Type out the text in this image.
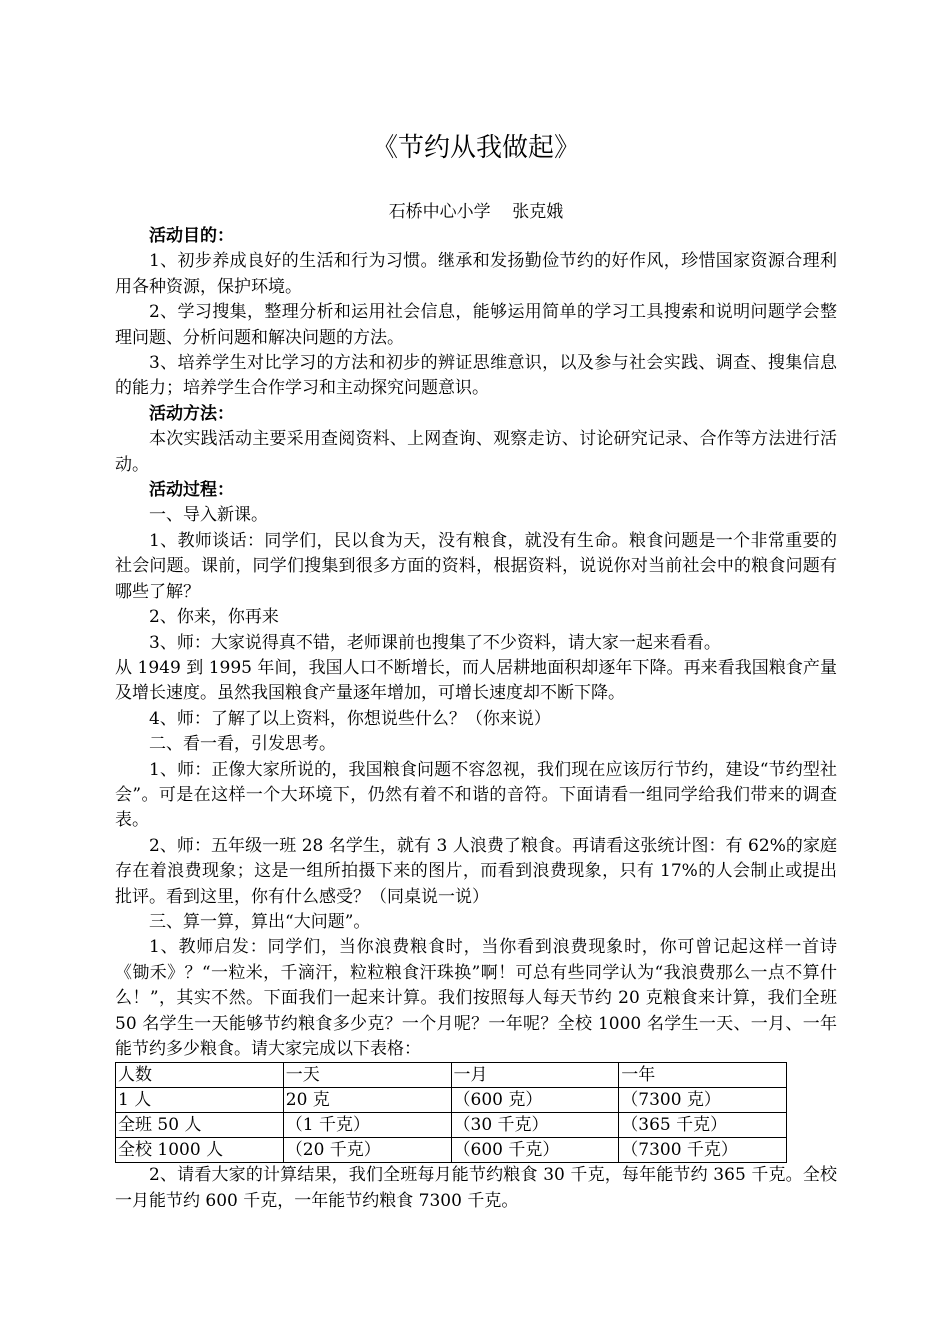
《节约从我做起》
石桥中心小学    张克娥

活动目的：

1、初步养成良好的生活和行为习惯。继承和发扬勤俭节约的好作风，珍惜国家资源合理利用各种资源，保护环境。

2、学习搜集，整理分析和运用社会信息，能够运用简单的学习工具搜索和说明问题学会整理问题、分析问题和解决问题的方法。

3、培养学生对比学习的方法和初步的辨证思维意识，以及参与社会实践、调查、搜集信息的能力；培养学生合作学习和主动探究问题意识。

活动方法：

本次实践活动主要采用查阅资料、上网查询、观察走访、讨论研究记录、合作等方法进行活动。

活动过程：

一、导入新课。

1、教师谈话：同学们，民以食为天，没有粮食，就没有生命。粮食问题是一个非常重要的社会问题。课前，同学们搜集到很多方面的资料，根据资料，说说你对当前社会中的粮食问题有哪些了解？

2、你来，你再来

3、师：大家说得真不错，老师课前也搜集了不少资料，请大家一起来看看。

从 1949 到 1995 年间，我国人口不断增长，而人居耕地面积却逐年下降。再来看我国粮食产量及增长速度。虽然我国粮食产量逐年增加，可增长速度却不断下降。

4、师：了解了以上资料，你想说些什么？（你来说）

二、看一看，引发思考。

1、师：正像大家所说的，我国粮食问题不容忽视，我们现在应该厉行节约，建设“节约型社会”。可是在这样一个大环境下，仍然有着不和谐的音符。下面请看一组同学给我们带来的调查表。

2、师：五年级一班 28 名学生，就有 3 人浪费了粮食。再请看这张统计图：有 62%的家庭存在着浪费现象；这是一组所拍摄下来的图片，而看到浪费现象，只有 17%的人会制止或提出批评。看到这里，你有什么感受？（同桌说一说）

三、算一算，算出“大问题”。

1、教师启发：同学们，当你浪费粮食时，当你看到浪费现象时，你可曾记起这样一首诗《锄禾》？“一粒米，千滴汗，粒粒粮食汗珠换”啊！可总有些同学认为“我浪费那么一点不算什么！”，其实不然。下面我们一起来计算。我们按照每人每天节约 20 克粮食来计算，我们全班 50 名学生一天能够节约粮食多少克？一个月呢？一年呢？全校 1000 名学生一天、一月、一年能节约多少粮食。请大家完成以下表格：

人数	一天	一月	一年
1 人	20 克	（600 克）	（7300 克）
全班 50 人	（1 千克）	（30 千克）	（365 千克）
全校 1000 人	（20 千克）	（600 千克）	（7300 千克）

2、请看大家的计算结果，我们全班每月能节约粮食 30 千克，每年能节约 365 千克。全校一月能节约 600 千克，一年能节约粮食 7300 千克。
